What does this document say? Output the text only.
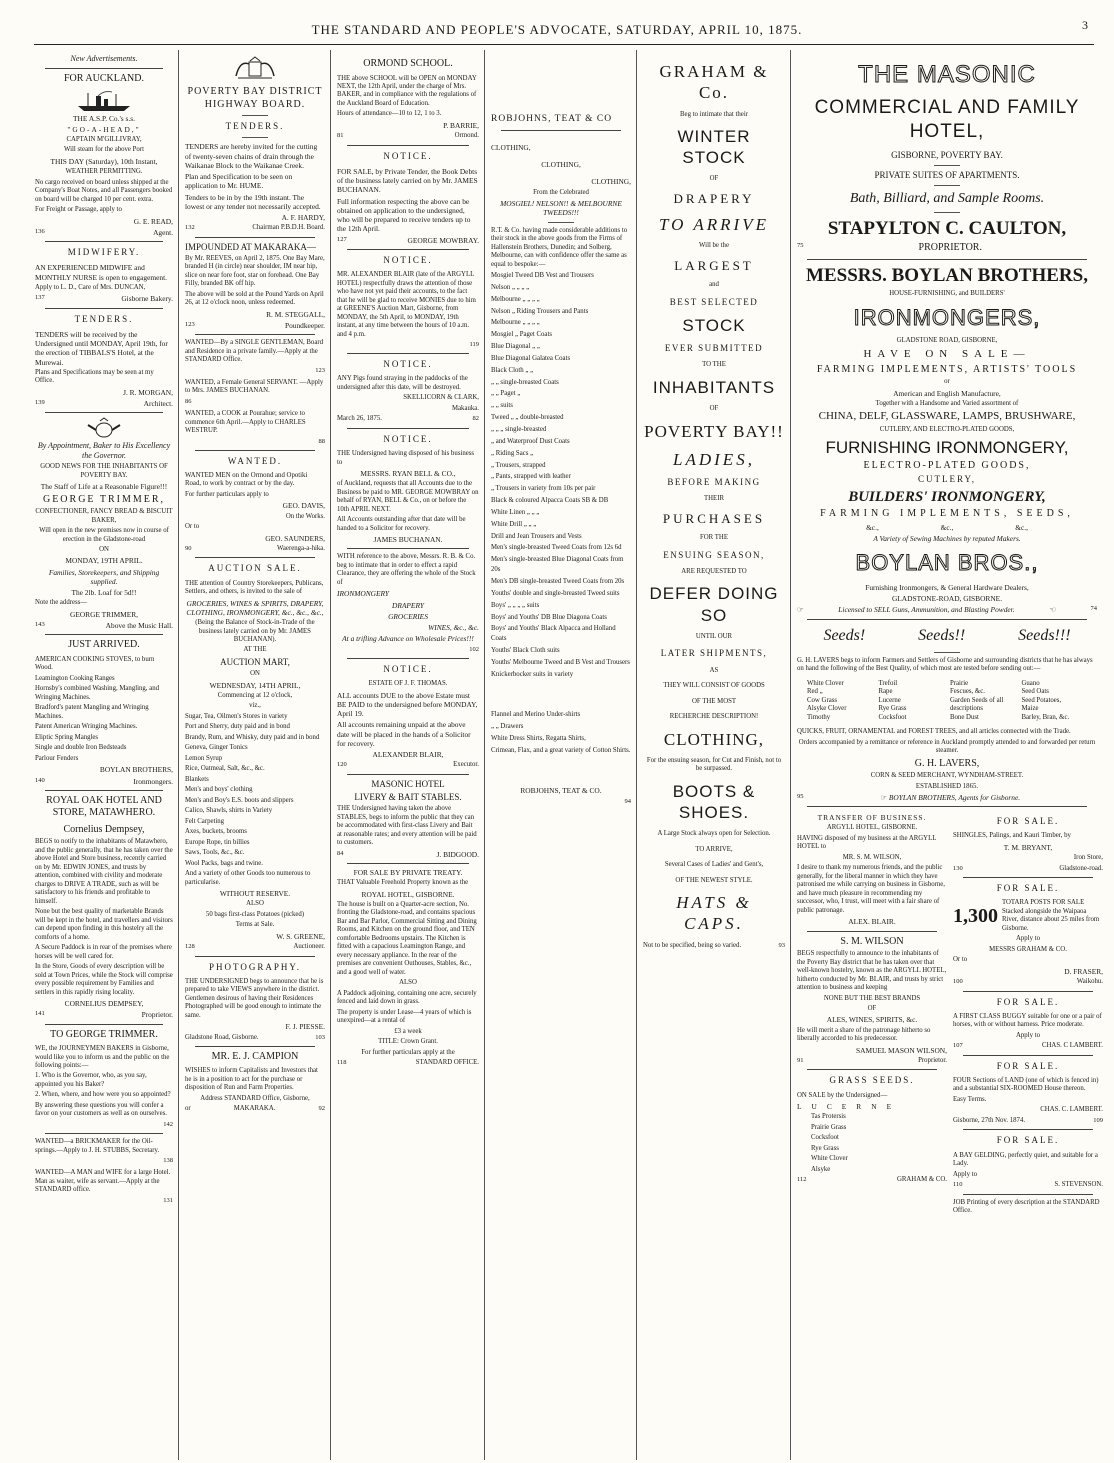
THE STANDARD AND PEOPLE'S ADVOCATE, SATURDAY, APRIL 10, 1875.	3
New Advertisements.
FOR AUCKLAND.

THE A.S.P. Co.'s s.s.

"GO-A-HEAD,"

CAPTAIN M'GILLIVRAY,

Will steam for the above Port

THIS DAY (Saturday), 10th Instant,

WEATHER PERMITTING.

No cargo received on board unless shipped at the Company's Boat Notes, and all Passengers booked on board will be charged 10 per cent. extra.

For Freight or Passage, apply to

G. E. READ,

136	Agent.
MIDWIFERY.

AN EXPERIENCED MIDWIFE and MONTHLY NURSE is open to engagement.

Apply to L. D., Care of Mrs. DUNCAN,

137	Gisborne Bakery.
TENDERS.

TENDERS will be received by the Undersigned until MONDAY, April 19th, for the erection of TIBBALS'S Hotel, at the Murewai.

Plans and Specifications may be seen at my Office.

J. R. MORGAN,

139	Architect.

By Appointment, Baker to His Excellency the Governor.

GOOD NEWS FOR THE INHABITANTS OF POVERTY BAY.

The Staff of Life at a Reasonable Figure!!!

GEORGE TRIMMER,

CONFECTIONER, FANCY BREAD & BISCUIT BAKER,

Will open in the new premises now in course of erection in the Gladstone-road

ON

MONDAY, 19TH APRIL.

Families, Storekeepers, and Shipping supplied.

The 2lb. Loaf for 5d!!

Note the address—

GEORGE TRIMMER,

143	Above the Music Hall.
JUST ARRIVED.

AMERICAN COOKING STOVES, to burn Wood.

Leamington Cooking Ranges

Hornsby's combined Washing, Mangling, and Wringing Machines.

Bradford's patent Mangling and Wringing Machines.

Patent American Wringing Machines.

Eliptic Spring Mangles

Single and double Iron Bedsteads

Parlour Fenders

BOYLAN BROTHERS,

140	Ironmongers.
ROYAL OAK HOTEL AND STORE, MATAWHERO.

Cornelius Dempsey,

BEGS to notify to the inhabitants of Matawhero, and the public generally, that he has taken over the above Hotel and Store business, recently carried on by Mr. EDWIN JONES, and trusts by attention, combined with civility and moderate charges to DRIVE A TRADE, such as will be satisfactory to his friends and profitable to himself.

None but the best quality of marketable Brands will be kept in the hotel, and travellers and visitors can depend upon finding in this hostelry all the comforts of a home.

A Secure Paddock is in rear of the premises where horses will be well cared for.

In the Store, Goods of every description will be sold at Town Prices, while the Stock will comprise every possible requirement by Families and settlers in this rapidly rising locality.

CORNELIUS DEMPSEY,

141	Proprietor.
TO GEORGE TRIMMER.

WE, the JOURNEYMEN BAKERS in Gisborne, would like you to inform us and the public on the following points:—

1. Who is the Governor, who, as you say, appointed you his Baker?

2. When, where, and how were you so appointed?

By answering these questions you will confer a favor on your customers as well as on ourselves.

142

WANTED—a BRICKMAKER for the Oil-springs.—Apply to J. H. STUBBS, Secretary.

138

WANTED—A MAN and WIFE for a large Hotel. Man as waiter, wife as servant.—Apply at the STANDARD office.

131

POVERTY BAY DISTRICT HIGHWAY BOARD.
TENDERS.

TENDERS are hereby invited for the cutting of twenty-seven chains of drain through the Waikanae Block to the Waikanae Creek.

Plan and Specification to be seen on application to Mr. HUME.

Tenders to be in by the 19th instant. The lowest or any tender not necessarily accepted.

A. F. HARDY,

132	Chairman P.B.D.H. Board.

IMPOUNDED AT MAKARAKA—

By Mr. REEVES, on April 2, 1875. One Bay Mare, branded H (in circle) near shoulder, IM near hip, slice on near fore foot, star on forehead. One Bay Filly, branded BK off hip.

The above will be sold at the Pound Yards on April 26, at 12 o'clock noon, unless redeemed.

R. M. STEGGALL,

123	Poundkeeper.

WANTED—By a SINGLE GENTLEMAN, Board and Residence in a private family.—Apply at the STANDARD Office.

123

WANTED, a Female General SERVANT. —Apply to Mrs. JAMES BUCHANAN.

86

WANTED, a COOK at Pourahue; service to commence 6th April.—Apply to CHARLES WESTRUP.

88

WANTED.

WANTED MEN on the Ormond and Opotiki Road, to work by contract or by the day.

For further particulars apply to

GEO. DAVIS,

On the Works.

Or to

GEO. SAUNDERS,

90	Waerenga-a-hika.
AUCTION SALE.

THE attention of Country Storekeepers, Publicans, Settlers, and others, is invited to the sale of

GROCERIES, WINES & SPIRITS, DRAPERY, CLOTHING, IRONMONGERY, &c., &c., &c.,

(Being the Balance of Stock-in-Trade of the business lately carried on by Mr. JAMES BUCHANAN).

AT THE

AUCTION MART,

ON

WEDNESDAY, 14TH APRIL,

Commencing at 12 o'clock,

viz.,

Sugar, Tea, Oilmen's Stores in variety

Port and Sherry, duty paid and in bond

Brandy, Rum, and Whisky, duty paid and in bond

Geneva, Ginger Tonics

Lemon Syrup

Rice, Oatmeal, Salt, &c., &c.

Blankets

Men's and boys' clothing

Men's and Boy's E.S. boots and slippers

Calico, Shawls, shirts in Variety

Felt Carpeting

Axes, buckets, brooms

Europe Rope, tin billies

Saws, Tools, &c., &c.

Wool Packs, bags and twine.

And a variety of other Goods too numerous to particularise.

WITHOUT RESERVE.

ALSO

50 bags first-class Potatoes (picked)

Terms at Sale.

W. S. GREENE,

128	Auctioneer.
PHOTOGRAPHY.

THE UNDERSIGNED begs to announce that he is prepared to take VIEWS anywhere in the district. Gentlemen desirous of having their Residences Photographed will be good enough to intimate the same.

F. J. PIESSE.

Gladstone Road, Gisborne.	103
MR. E. J. CAMPION

WISHES to inform Capitalists and Investors that he is in a position to act for the purchase or disposition of Run and Farm Properties.

Address STANDARD Office, Gisborne,

or	MAKARAKA.	92
ORMOND SCHOOL.

THE above SCHOOL will be OPEN on MONDAY NEXT, the 12th April, under the charge of Mrs. BAKER, and in compliance with the regulations of the Auckland Board of Education.

Hours of attendance—10 to 12, 1 to 3.

P. BARRIE,

81	Ormond.
NOTICE.

FOR SALE, by Private Tender, the Book Debts of the business lately carried on by Mr. JAMES BUCHANAN.

Full information respecting the above can be obtained on application to the undersigned, who will be prepared to receive tenders up to the 12th April.

127	GEORGE MOWBRAY.
NOTICE.

MR. ALEXANDER BLAIR (late of the ARGYLL HOTEL) respectfully draws the attention of those who have not yet paid their accounts, to the fact that he will be glad to receive MONIES due to him at GREENE'S Auction Mart, Gisborne, from MONDAY, the 5th April, to MONDAY, 19th instant, at any time between the hours of 10 a.m. and 4 p.m.

119

NOTICE.

ANY Pigs found straying in the paddocks of the undersigned after this date, will be destroyed.

SKELLICORN & CLARK,

Makauka.

March 26, 1875.	82
NOTICE.

THE Undersigned having disposed of his business to

MESSRS. RYAN BELL & CO.,

of Auckland, requests that all Accounts due to the Business be paid to MR. GEORGE MOWBRAY on behalf of RYAN, BELL & Co., on or before the 10th APRIL NEXT.

All Accounts outstanding after that date will be handed to a Solicitor for recovery.

JAMES BUCHANAN.

WITH reference to the above, Messrs. R. B. & Co. beg to intimate that in order to effect a rapid Clearance, they are offering the whole of the Stock of

IRONMONGERY

DRAPERY

GROCERIES

WINES, &c., &c.

At a trifling Advance on Wholesale Prices!!!

102

NOTICE.

ESTATE OF J. F. THOMAS.

ALL accounts DUE to the above Estate must BE PAID to the undersigned before MONDAY, April 19.

All accounts remaining unpaid at the above date will be placed in the hands of a Solicitor for recovery.

ALEXANDER BLAIR,

120	Executor.

MASONIC HOTEL

LIVERY & BAIT STABLES.

THE Undersigned having taken the above STABLES, begs to inform the public that they can be accommodated with first-class Livery and Bait at reasonable rates; and every attention will be paid to customers.

84	J. BIDGOOD.

FOR SALE BY PRIVATE TREATY.

THAT Valuable Freehold Property known as the

ROYAL HOTEL, GISBORNE.

The house is built on a Quarter-acre section, No. fronting the Gladstone-road, and contains spacious Bar and Bar Parlor, Commercial Sitting and Dining Rooms, and Kitchen on the ground floor, and TEN comfortable Bedrooms upstairs. The Kitchen is fitted with a capacious Leamington Range, and every necessary appliance. In the rear of the premises are convenient Outhouses, Stables, &c., and a good well of water.

ALSO

A Paddock adjoining, containing one acre, securely fenced and laid down in grass.

The property is under Lease—4 years of which is unexpired—at a rental of

£3 a week

TITLE: Crown Grant.

For further particulars apply at the

118	STANDARD OFFICE.

ROBJOHNS, TEAT & CO

CLOTHING,

CLOTHING,

CLOTHING,

From the Celebrated

MOSGIEL! NELSON!! & MELBOURNE TWEEDS!!!

R.T. & Co. having made considerable additions to their stock in the above goods from the Firms of Hallenstein Brothers, Dunedin; and Solberg, Melbourne, can with confidence offer the same as equal to bespoke:—

Mosgiel Tweed DB Vest and Trousers

Nelson „ „ „ „

Melbourne „ „ „ „

Nelson „ Riding Trousers and Pants

Melbourne „ „ „ „

Mosgiel „ Paget Coats

Blue Diagonal „ „

Blue Diagonal Galatea Coats

Black Cloth „ „

„ „ single-breasted Coats

„ „ Paget „

„ „ suits

Tweed „ „ double-breasted

„ „ „ single-breasted

„ and Waterproof Dust Coats

„ Riding Sacs „

„ Trousers, strapped

„ Pants, strapped with leather

„ Trousers in variety from 10s per pair

Black & coloured Alpacca Coats SB & DB

White Linen „ „ „

White Drill „ „ „

Drill and Jean Trousers and Vests

Men's single-breasted Tweed Coats from 12s 6d

Men's single-breasted Blue Diagonal Coats from 20s

Men's DB single-breasted Tweed Coats from 20s

Youths' double and single-breasted Tweed suits

Boys' „ „ „ „ suits

Boys' and Youths' DB Blue Diagona Coats

Boys' and Youths' Black Alpacca and Holland Coats

Youths' Black Cloth suits

Youths' Melbourne Tweed and B Vest and Trousers

Knickerbocker suits in variety

Flannel and Merino Under-shirts

„ „ Drawers

White Dress Shirts, Regatta Shirts,

Crimean, Flax, and a great variety of Cotton Shirts.

ROBJOHNS, TEAT & CO.

94

GRAHAM & Co.
Beg to intimate that their
WINTER STOCK
OF
DRAPERY
TO ARRIVE
Will be the
LARGEST
and
BEST SELECTED
STOCK
EVER SUBMITTED
TO THE
INHABITANTS
OF
POVERTY BAY!!
LADIES,
BEFORE MAKING
THEIR
PURCHASES
FOR THE
ENSUING SEASON,
ARE REQUESTED TO
DEFER DOING SO
UNTIL OUR
LATER SHIPMENTS,
AS
THEY WILL CONSIST OF GOODS
OF THE MOST
RECHERCHE DESCRIPTION!
CLOTHING,
For the ensuing season, for Cut and Finish, not to be surpassed.
BOOTS & SHOES.
A Large Stock always open for Selection.
TO ARRIVE,
Several Cases of Ladies' and Gent's,
OF THE NEWEST STYLE.
HATS & CAPS.
Not to be specified, being so varied.	93
THE MASONIC
COMMERCIAL AND FAMILY HOTEL,

GISBORNE, POVERTY BAY.

PRIVATE SUITES OF APARTMENTS.

Bath, Billiard, and Sample Rooms.

STAPYLTON C. CAULTON,

75	PROPRIETOR.

MESSRS. BOYLAN BROTHERS,

HOUSE-FURNISHING, and BUILDERS'

IRONMONGERS,

GLADSTONE ROAD, GISBORNE,

HAVE ON SALE—

FARMING IMPLEMENTS, ARTISTS' TOOLS

or

American and English Manufacture,

Together with a Handsome and Varied assortment of

CHINA, DELF, GLASSWARE, LAMPS, BRUSHWARE,

CUTLERY, AND ELECTRO-PLATED GOODS,

FURNISHING IRONMONGERY,

ELECTRO-PLATED GOODS,

CUTLERY,

BUILDERS' IRONMONGERY,

FARMING IMPLEMENTS, SEEDS,

&c., &c., &c.,

A Variety of Sewing Machines by reputed Makers.

BOYLAN BROS.,

Furnishing Ironmongers, & General Hardware Dealers,

GLADSTONE-ROAD, GISBORNE.

☞	Licensed to SELL Guns, Ammunition, and Blasting Powder.	☜	74
Seeds!	Seeds!!	Seeds!!!

G. H. LAVERS begs to inform Farmers and Settlers of Gisborne and surrounding districts that he has always on hand the following of the Best Quality, of which most are tested before sending out:—

White Clover	Trefoil	Prairie	Guano
Red „	Rape	Fescues, &c.	Seed Oats
Cow Grass	Lucerne	Garden Seeds of all	Seed Potatoes,
Alsyke Clover	Rye Grass	descriptions	Maize
Timothy	Cocksfoot	Bone Dust	Barley, Bran, &c.

QUICKS, FRUIT, ORNAMENTAL and FOREST TREES, and all articles connected with the Trade.

Orders accompanied by a remittance or reference in Auckland promptly attended to and forwarded per return steamer.

G. H. LAVERS,

CORN & SEED MERCHANT, WYNDHAM-STREET.

ESTABLISHED 1865.

95	☞ BOYLAN BROTHERS, Agents for Gisborne.

TRANSFER OF BUSINESS.

ARGYLL HOTEL, GISBORNE.

HAVING disposed of my business at the ARGYLL HOTEL to

MR. S. M. WILSON,

I desire to thank my numerous friends, and the public generally, for the liberal manner in which they have patronised me while carrying on business in Gisborne, and have much pleasure in recommending my successor, who, I trust, will meet with a fair share of public patronage.

ALEX. BLAIR.

S. M. WILSON

BEGS respectfully to announce to the inhabitants of the Poverty Bay district that he has taken over that well-known hostelry, known as the ARGYLL HOTEL, hitherto conducted by Mr. BLAIR, and trusts by strict attention to business and keeping

NONE BUT THE BEST BRANDS

OF

ALES, WINES, SPIRITS, &c.

He will merit a share of the patronage hitherto so liberally accorded to his predecessor.

SAMUEL MASON WILSON,

91	Proprietor.
GRASS SEEDS.

ON SALE by the Undersigned—

LUCERNE

Tas Protersis

Prairie Grass

Cocksfoot

Rye Grass

White Clover

Alsyke

112	GRAHAM & CO.
FOR SALE.

SHINGLES, Palings, and Kauri Timber, by

T. M. BRYANT,

Iron Store,

130	Gladstone-road.
FOR SALE.
1,300
TOTARA POSTS FOR SALE Stacked alongside the Waipaoa River, distance about 25 miles from Gisborne.

Apply to

MESSRS GRAHAM & CO.

Or to

D. FRASER,

100	Waikohu.
FOR SALE.

A FIRST CLASS BUGGY suitable for one or a pair of horses, with or without harness. Price moderate.

Apply to

107	CHAS. C LAMBERT.
FOR SALE.

FOUR Sections of LAND (one of which is fenced in) and a substantial SIX-ROOMED House thereon.

Easy Terms.

CHAS. C. LAMBERT.

Gisborne, 27th Nov. 1874.	109
FOR SALE.

A BAY GELDING, perfectly quiet, and suitable for a Lady.

Apply to

110	S. STEVENSON.

JOB Printing of every description at the STANDARD Office.
